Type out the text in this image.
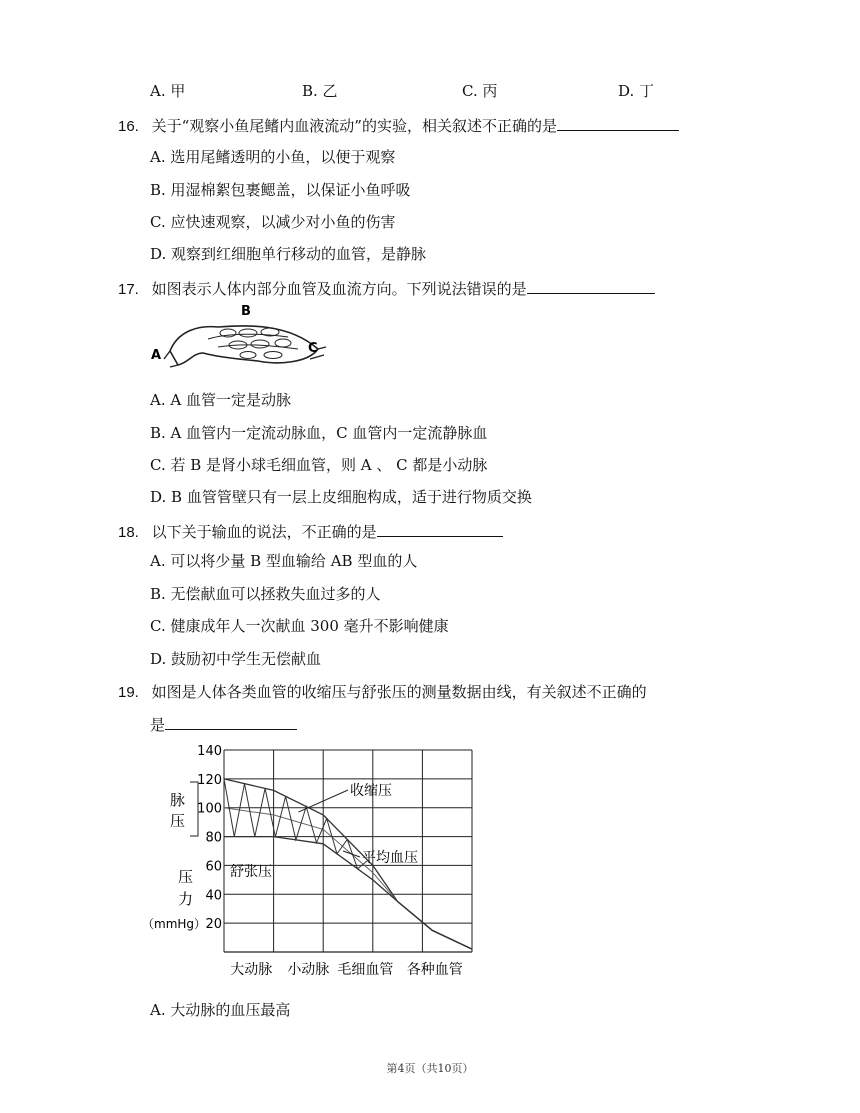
A. 甲	B. 乙	C. 丙	D. 丁
16. 关于“观察小鱼尾鳍内血液流动”的实验，相关叙述不正确的是
A. 选用尾鳍透明的小鱼，以便于观察
B. 用湿棉絮包裹鳃盖，以保证小鱼呼吸
C. 应快速观察，以减少对小鱼的伤害
D. 观察到红细胞单行移动的血管，是静脉
17. 如图表示人体内部分血管及血流方向。下列说法错误的是
B
A	C
A. A 血管一定是动脉
B. A 血管内一定流动脉血，C 血管内一定流静脉血
C. 若 B 是肾小球毛细血管，则 A 、 C 都是小动脉
D. B 血管管壁只有一层上皮细胞构成，适于进行物质交换
18. 以下关于输血的说法，不正确的是
A. 可以将少量 B 型血输给 AB 型血的人
B. 无偿献血可以拯救失血过多的人
C. 健康成年人一次献血 300 毫升不影响健康
D. 鼓励初中学生无偿献血
19. 如图是人体各类血管的收缩压与舒张压的测量数据由线，有关叙述不正确的
是
140
120
100
80
60
40
20
大动脉 小动脉 毛细血管 各种血管
收缩压
平均血压
舒张压
脉
压
压
力
（mmHg）
A. 大动脉的血压最高
第4页（共10页）
